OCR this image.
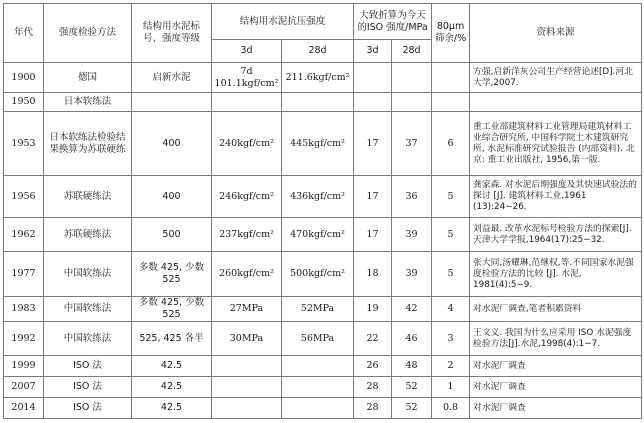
年代	强度检验方法	结构用水泥标号、强度等级	结构用水泥抗压强度		大致折算为今天的ISO 强度/MPa		80μm筛余/%	资料来源
			3d	28d	3d	28d		
1900	德国	启新水泥	7d 101.1kgf/cm²	211.6kgf/cm²				方强,启新洋灰公司生产经营论述[D].河北大学,2007.
1950	日本软练法							
1953	日本软练法检验结果换算为苏联硬练	400	240kgf/cm²	445kgf/cm²	17	37	6	重工业部建筑材料工业管理局建筑材料工业综合研究所, 中国科学院土木建筑研究所, 水泥标准研究试验报告 (内部资料). 北京: 重工业出版社, 1956,第一版.
1956	苏联硬练法	400	246kgf/cm²	436kgf/cm²	17	36	5	龚家森. 对水泥后期强度及其快速试验法的探讨 [J]. 建筑材料工业,1961 (13):24−26.
1962	苏联硬练法	500	237kgf/cm²	470kgf/cm²	17	39	5	刘益最. 改革水泥标号检验方法的探索[J].天津大学学报,1964(17):25−32.
1977	中国软练法	多数 425, 少数 525	260kgf/cm²	500kgf/cm²	18	39	5	张大同,汤耀琳,范继权,等.不同国家水泥强度检验方法的比较 [J]. 水泥, 1981(4):5−9.
1983	中国软练法	多数 425, 少数 525	27MPa	52MPa	19	42	4	对水泥厂调查,笔者积累资料
1992	中国软练法	525, 425 各半	30MPa	56MPa	22	46	3	王文义. 我国为什么应采用 ISO 水泥强度检验方法[J].水泥,1998(4):1−7.
1999	ISO 法	42.5			26	48	2	对水泥厂调查
2007	ISO 法	42.5			28	52	1	对水泥厂调查
2014	ISO 法	42.5			28	52	0.8	对水泥厂调查
